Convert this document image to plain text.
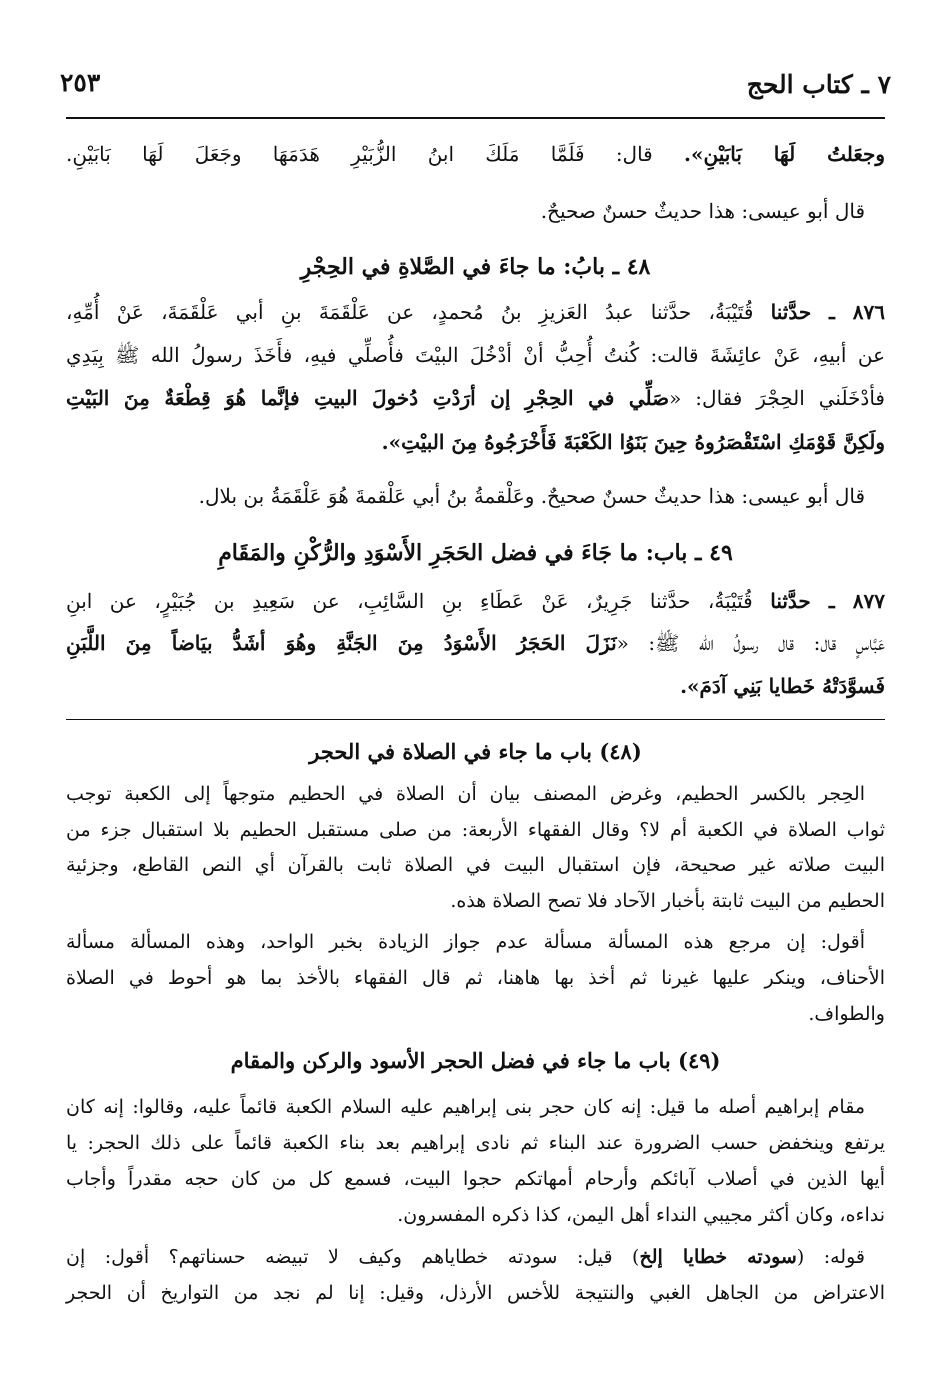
٧ ـ كتاب الحج
٢٥٣
وجعَلتُ لَهَا بَابَيْنِ». قال: فَلَمَّا مَلَكَ ابنُ الزُّبَيْرِ هَدَمَهَا وجَعَلَ لَهَا بَابَيْنِ.
قال أبو عيسى: هذا حديثٌ حسنٌ صحيحٌ.
٤٨ ـ بابُ: ما جاءَ في الصَّلاةِ في الحِجْرِ
٨٧٦ ـ حدَّثنا قُتَيْبَةُ، حدَّثنا عبدُ العَزيزِ بنُ مُحمدٍ، عن عَلْقَمَةَ بنِ أبي عَلْقَمَةَ، عَنْ أُمِّهِ،
عن أبيهِ، عَنْ عائِشَةَ قالت: كُنتُ أُحِبُّ أنْ أدْخُلَ البيْتَ فأُصلِّي فيهِ، فأَخَذَ رسولُ الله ﷺ بِيَدِي
فأدْخَلَني الحِجْرَ فقال: «صَلِّي في الحِجْرِ إن أرَدْتِ دُخولَ البيتِ فإنَّما هُوَ قِطْعَةٌ مِنَ البَيْتِ
ولَكِنَّ قَوْمَكِ اسْتَقْصَرُوهُ حِينَ بَنَوُا الكَعْبَةَ فَأَخْرَجُوهُ مِنَ البيْتِ».
قال أبو عيسى: هذا حديثٌ حسنٌ صحيحٌ. وعَلْقمةُ بنُ أبي عَلْقمةَ هُوَ عَلْقَمَةُ بن بلال.
٤٩ ـ باب: ما جَاءَ في فضل الحَجَرِ الأَسْوَدِ والرُّكْنِ والمَقَامِ
٨٧٧ ـ حدَّثنا قُتَيْبَةُ، حدَّثنا جَرِيرٌ، عَنْ عَطَاءِ بنِ السَّائِبِ، عن سَعِيدِ بن جُبَيْرٍ، عن ابنِ
عَبَّاسٍ قال: قال رسولُ الله ﷺ: «نَزَلَ الحَجَرُ الأَسْوَدُ مِنَ الجَنَّةِ وهُوَ أشَدُّ بيَاضاً مِنَ اللَّبَنِ
فَسوَّدَتْهُ خَطايا بَنِي آدَمَ».
(٤٨) باب ما جاء في الصلاة في الحجر
الحِجر بالكسر الحطيم، وغرض المصنف بيان أن الصلاة في الحطيم متوجهاً إلى الكعبة توجب
ثواب الصلاة في الكعبة أم لا؟ وقال الفقهاء الأربعة: من صلى مستقبل الحطيم بلا استقبال جزء من
البيت صلاته غير صحيحة، فإن استقبال البيت في الصلاة ثابت بالقرآن أي النص القاطع، وجزئية
الحطيم من البيت ثابتة بأخبار الآحاد فلا تصح الصلاة هذه.
أقول: إن مرجع هذه المسألة مسألة عدم جواز الزيادة بخبر الواحد، وهذه المسألة مسألة
الأحناف، وينكر عليها غيرنا ثم أخذ بها هاهنا، ثم قال الفقهاء بالأخذ بما هو أحوط في الصلاة
والطواف.
(٤٩) باب ما جاء في فضل الحجر الأسود والركن والمقام
مقام إبراهيم أصله ما قيل: إنه كان حجر بنى إبراهيم عليه السلام الكعبة قائماً عليه، وقالوا: إنه كان
يرتفع وينخفض حسب الضرورة عند البناء ثم نادى إبراهيم بعد بناء الكعبة قائماً على ذلك الحجر: يا
أيها الذين في أصلاب آبائكم وأرحام أمهاتكم حجوا البيت، فسمع كل من كان حجه مقدراً وأجاب
نداءه، وكان أكثر مجيبي النداء أهل اليمن، كذا ذكره المفسرون.
قوله: (سودته خطايا إلخ) قيل: سودته خطاياهم وكيف لا تبيضه حسناتهم؟ أقول: إن
الاعتراض من الجاهل الغبي والنتيجة للأخس الأرذل، وقيل: إنا لم نجد من التواريخ أن الحجر
